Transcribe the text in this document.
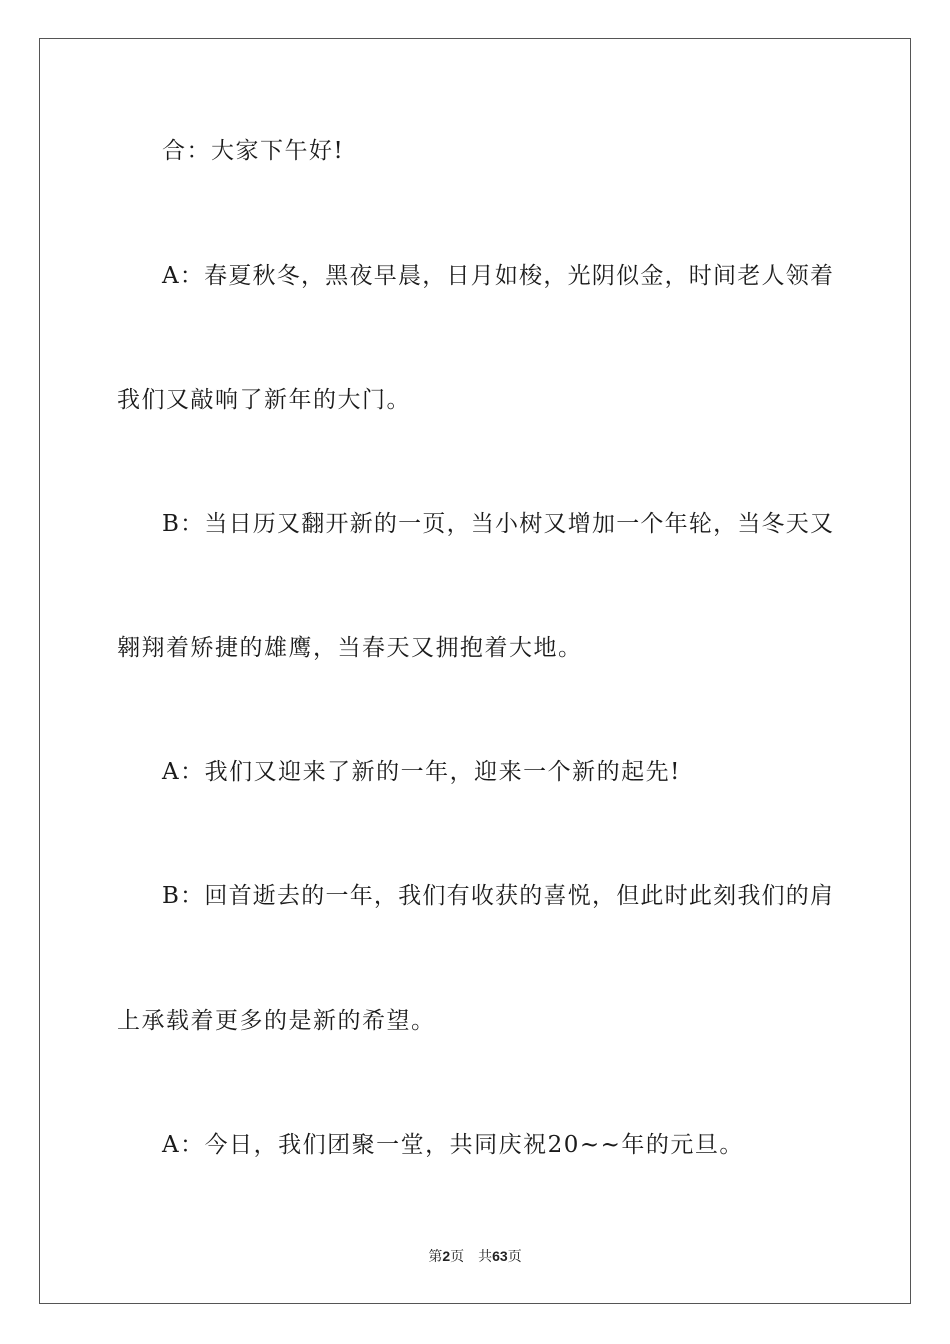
合：大家下午好!
A：春夏秋冬，黑夜早晨，日月如梭，光阴似金，时间老人领着
我们又敲响了新年的大门。
B：当日历又翻开新的一页，当小树又增加一个年轮，当冬天又
翱翔着矫捷的雄鹰，当春天又拥抱着大地。
A：我们又迎来了新的一年，迎来一个新的起先!
B：回首逝去的一年，我们有收获的喜悦，但此时此刻我们的肩
上承载着更多的是新的希望。
A：今日，我们团聚一堂，共同庆祝20~~年的元旦。
第2页 共63页
